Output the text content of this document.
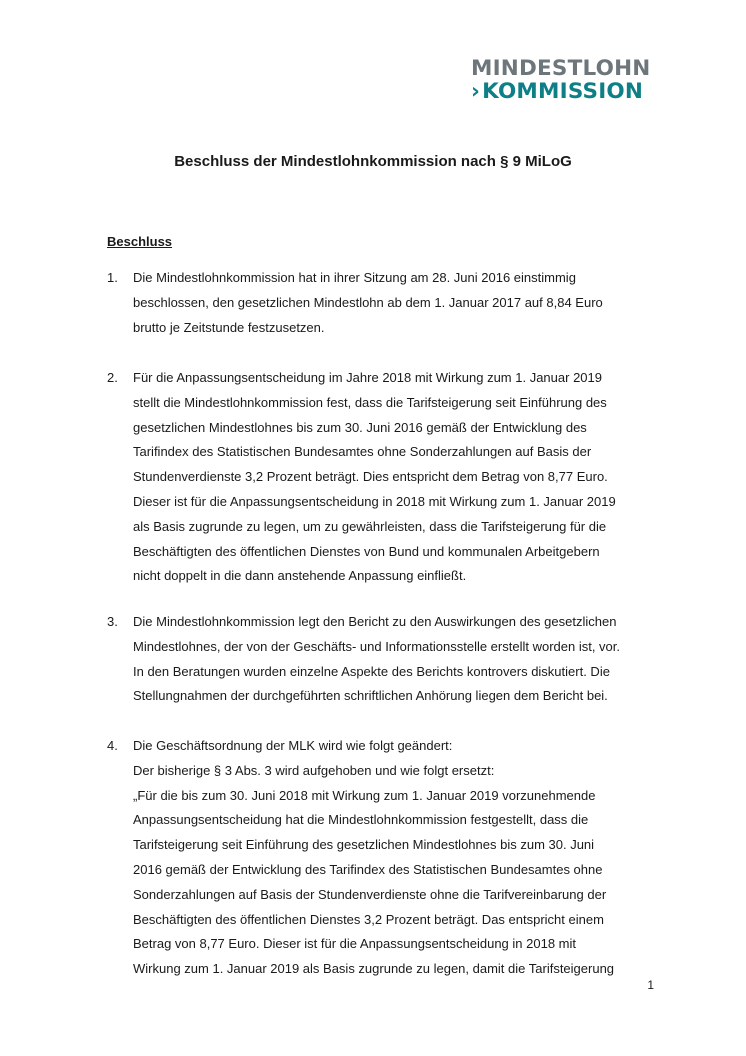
MINDESTLOHN
›KOMMISSION
Beschluss der Mindestlohnkommission nach § 9 MiLoG
Beschluss
1.	Die Mindestlohnkommission hat in ihrer Sitzung am 28. Juni 2016 einstimmig
beschlossen, den gesetzlichen Mindestlohn ab dem 1. Januar 2017 auf 8,84 Euro
brutto je Zeitstunde festzusetzen.
2.	Für die Anpassungsentscheidung im Jahre 2018 mit Wirkung zum 1. Januar 2019
stellt die Mindestlohnkommission fest, dass die Tarifsteigerung seit Einführung des
gesetzlichen Mindestlohnes bis zum 30. Juni 2016 gemäß der Entwicklung des
Tarifindex des Statistischen Bundesamtes ohne Sonderzahlungen auf Basis der
Stundenverdienste 3,2 Prozent beträgt. Dies entspricht dem Betrag von 8,77 Euro.
Dieser ist für die Anpassungsentscheidung in 2018 mit Wirkung zum 1. Januar 2019
als Basis zugrunde zu legen, um zu gewährleisten, dass die Tarifsteigerung für die
Beschäftigten des öffentlichen Dienstes von Bund und kommunalen Arbeitgebern
nicht doppelt in die dann anstehende Anpassung einfließt.
3.	Die Mindestlohnkommission legt den Bericht zu den Auswirkungen des gesetzlichen
Mindestlohnes, der von der Geschäfts- und Informationsstelle erstellt worden ist, vor.
In den Beratungen wurden einzelne Aspekte des Berichts kontrovers diskutiert. Die
Stellungnahmen der durchgeführten schriftlichen Anhörung liegen dem Bericht bei.
4.	Die Geschäftsordnung der MLK wird wie folgt geändert:
Der bisherige § 3 Abs. 3 wird aufgehoben und wie folgt ersetzt:
„Für die bis zum 30. Juni 2018 mit Wirkung zum 1. Januar 2019 vorzunehmende
Anpassungsentscheidung hat die Mindestlohnkommission festgestellt, dass die
Tarifsteigerung seit Einführung des gesetzlichen Mindestlohnes bis zum 30. Juni
2016 gemäß der Entwicklung des Tarifindex des Statistischen Bundesamtes ohne
Sonderzahlungen auf Basis der Stundenverdienste ohne die Tarifvereinbarung der
Beschäftigten des öffentlichen Dienstes 3,2 Prozent beträgt. Das entspricht einem
Betrag von 8,77 Euro. Dieser ist für die Anpassungsentscheidung in 2018 mit
Wirkung zum 1. Januar 2019 als Basis zugrunde zu legen, damit die Tarifsteigerung
1
